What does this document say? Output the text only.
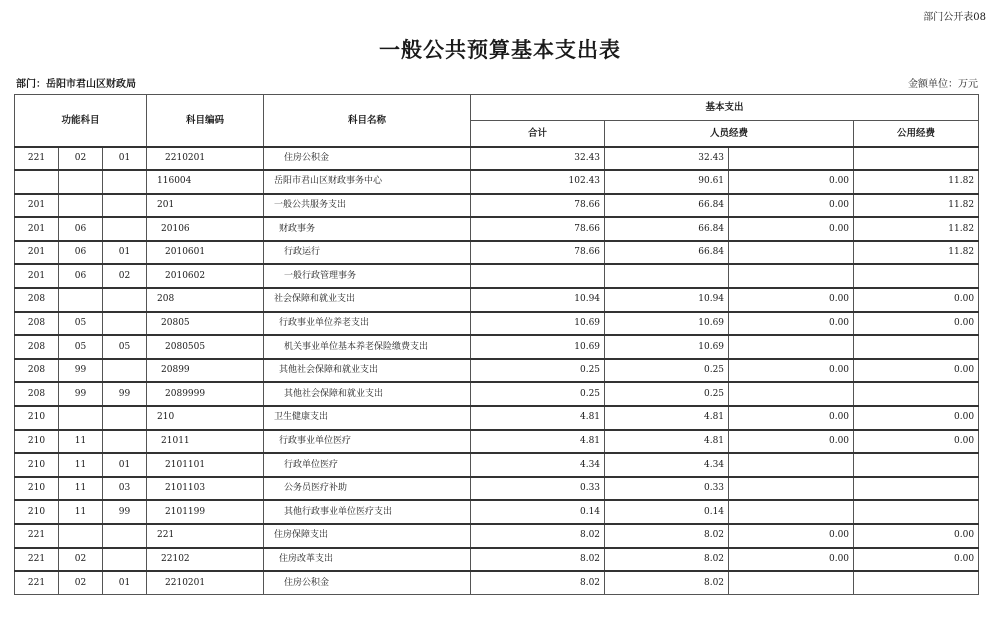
部门公开表08
一般公共预算基本支出表
部门：岳阳市君山区财政局	金额单位：万元
功能科目			科目编码	科目名称	基本支出			
					合计	人员经费		公用经费
221	02	01	2210201	住房公积金	32.43	32.43		
			116004	岳阳市君山区财政事务中心	102.43	90.61	0.00	11.82
201			201	一般公共服务支出	78.66	66.84	0.00	11.82
201	06		20106	财政事务	78.66	66.84	0.00	11.82
201	06	01	2010601	行政运行	78.66	66.84		11.82
201	06	02	2010602	一般行政管理事务				
208			208	社会保障和就业支出	10.94	10.94	0.00	0.00
208	05		20805	行政事业单位养老支出	10.69	10.69	0.00	0.00
208	05	05	2080505	机关事业单位基本养老保险缴费支出	10.69	10.69		
208	99		20899	其他社会保障和就业支出	0.25	0.25	0.00	0.00
208	99	99	2089999	其他社会保障和就业支出	0.25	0.25		
210			210	卫生健康支出	4.81	4.81	0.00	0.00
210	11		21011	行政事业单位医疗	4.81	4.81	0.00	0.00
210	11	01	2101101	行政单位医疗	4.34	4.34		
210	11	03	2101103	公务员医疗补助	0.33	0.33		
210	11	99	2101199	其他行政事业单位医疗支出	0.14	0.14		
221			221	住房保障支出	8.02	8.02	0.00	0.00
221	02		22102	住房改革支出	8.02	8.02	0.00	0.00
221	02	01	2210201	住房公积金	8.02	8.02		
